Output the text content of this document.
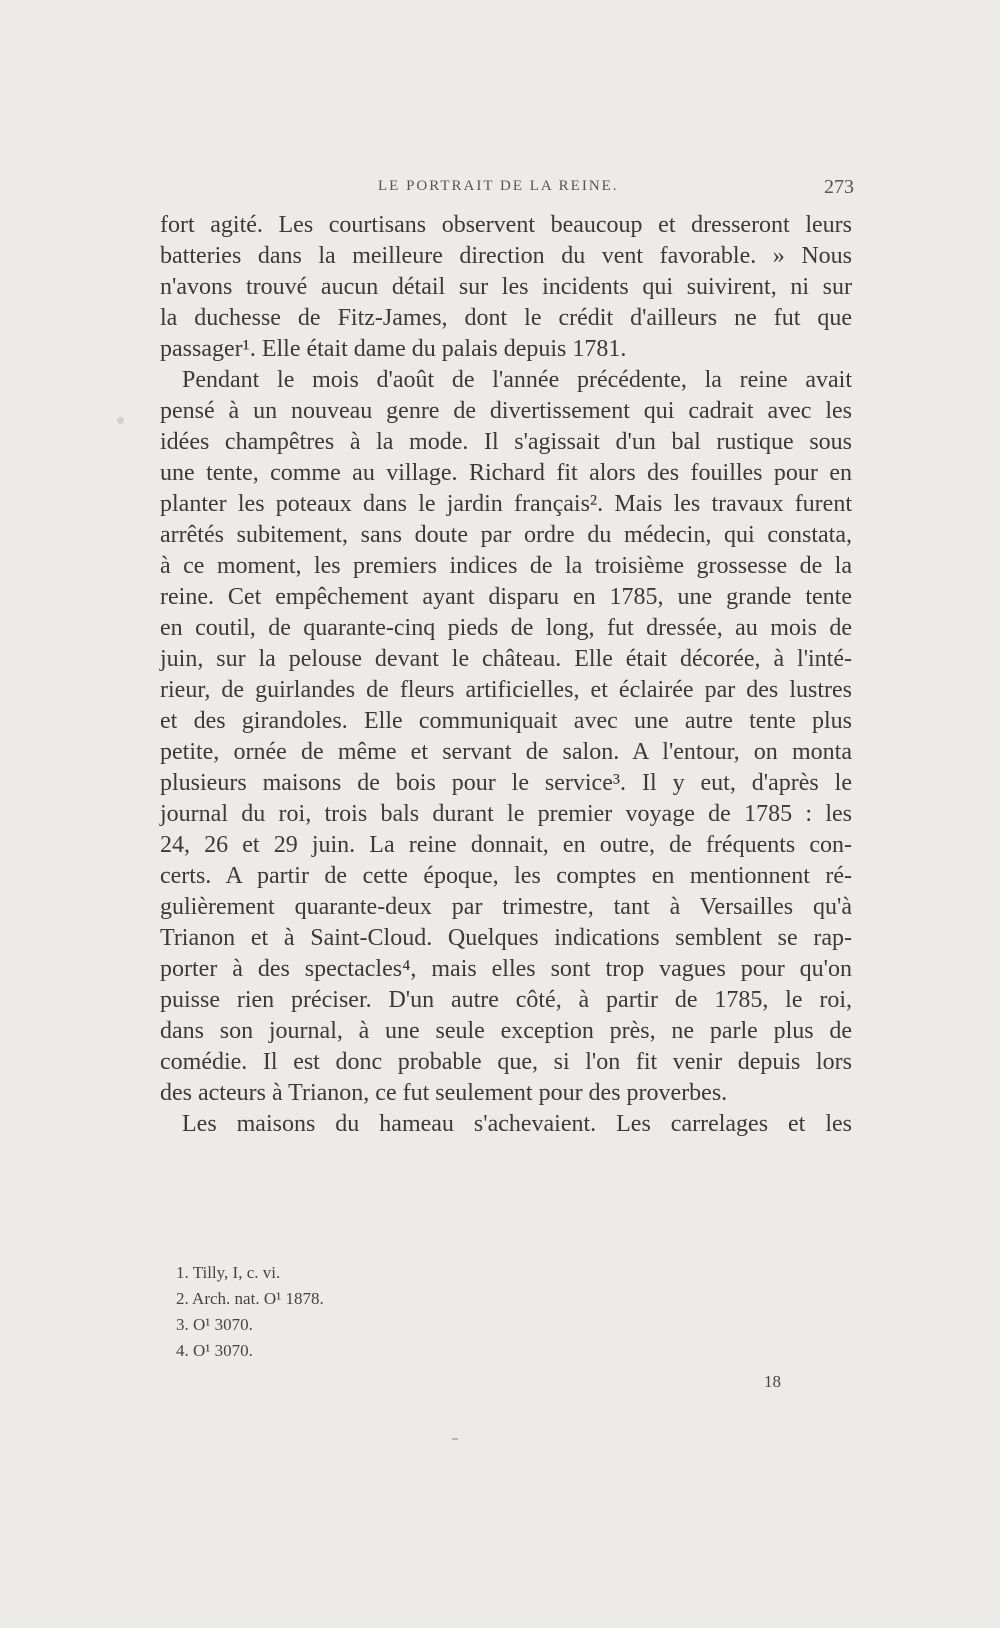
LE PORTRAIT DE LA REINE.	273
fort agité. Les courtisans observent beaucoup et dresseront leurs
batteries dans la meilleure direction du vent favorable. » Nous
n'avons trouvé aucun détail sur les incidents qui suivirent, ni sur
la duchesse de Fitz-James, dont le crédit d'ailleurs ne fut que
passager¹. Elle était dame du palais depuis 1781.
Pendant le mois d'août de l'année précédente, la reine avait
pensé à un nouveau genre de divertissement qui cadrait avec les
idées champêtres à la mode. Il s'agissait d'un bal rustique sous
une tente, comme au village. Richard fit alors des fouilles pour en
planter les poteaux dans le jardin français². Mais les travaux furent
arrêtés subitement, sans doute par ordre du médecin, qui constata,
à ce moment, les premiers indices de la troisième grossesse de la
reine. Cet empêchement ayant disparu en 1785, une grande tente
en coutil, de quarante-cinq pieds de long, fut dressée, au mois de
juin, sur la pelouse devant le château. Elle était décorée, à l'inté-
rieur, de guirlandes de fleurs artificielles, et éclairée par des lustres
et des girandoles. Elle communiquait avec une autre tente plus
petite, ornée de même et servant de salon. A l'entour, on monta
plusieurs maisons de bois pour le service³. Il y eut, d'après le
journal du roi, trois bals durant le premier voyage de 1785 : les
24, 26 et 29 juin. La reine donnait, en outre, de fréquents con-
certs. A partir de cette époque, les comptes en mentionnent ré-
gulièrement quarante-deux par trimestre, tant à Versailles qu'à
Trianon et à Saint-Cloud. Quelques indications semblent se rap-
porter à des spectacles⁴, mais elles sont trop vagues pour qu'on
puisse rien préciser. D'un autre côté, à partir de 1785, le roi,
dans son journal, à une seule exception près, ne parle plus de
comédie. Il est donc probable que, si l'on fit venir depuis lors
des acteurs à Trianon, ce fut seulement pour des proverbes.
Les maisons du hameau s'achevaient. Les carrelages et les
1. Tilly, I, c. vi.
2. Arch. nat. O¹ 1878.
3. O¹ 3070.
4. O¹ 3070.
18
